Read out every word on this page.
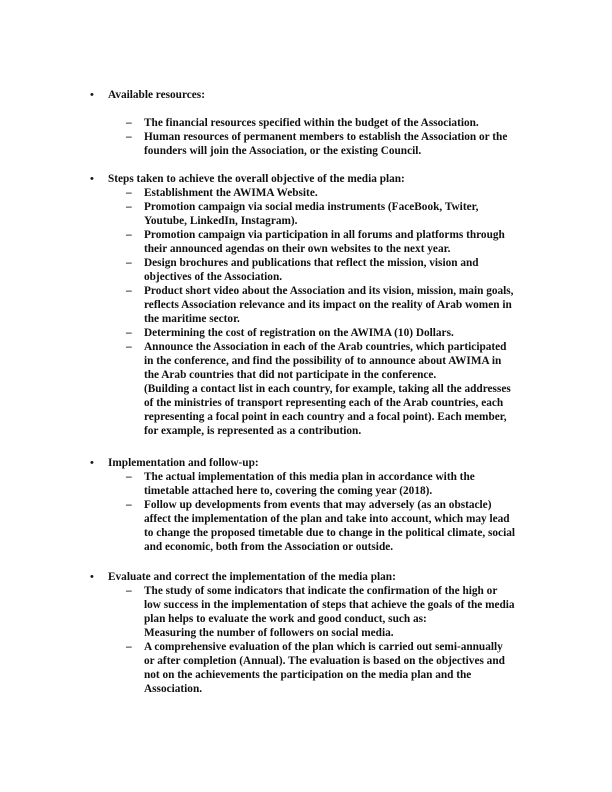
• Available resources:
– The financial resources specified within the budget of the Association.
– Human resources of permanent members to establish the Association or the
founders will join the Association, or the existing Council.
• Steps taken to achieve the overall objective of the media plan:
– Establishment the AWIMA Website.
– Promotion campaign via social media instruments (FaceBook, Twiter,
Youtube, LinkedIn, Instagram).
– Promotion campaign via participation in all forums and platforms through
their announced agendas on their own websites to the next year.
– Design brochures and publications that reflect the mission, vision and
objectives of the Association.
– Product short video about the Association and its vision, mission, main goals,
reflects Association relevance and its impact on the reality of Arab women in
the maritime sector.
– Determining the cost of registration on the AWIMA (10) Dollars.
– Announce the Association in each of the Arab countries, which participated
in the conference, and find the possibility of to announce about AWIMA in
the Arab countries that did not participate in the conference.
(Building a contact list in each country, for example, taking all the addresses
of the ministries of transport representing each of the Arab countries, each
representing a focal point in each country and a focal point). Each member,
for example, is represented as a contribution.
• Implementation and follow-up:
– The actual implementation of this media plan in accordance with the
timetable attached here to, covering the coming year (2018).
– Follow up developments from events that may adversely (as an obstacle)
affect the implementation of the plan and take into account, which may lead
to change the proposed timetable due to change in the political climate, social
and economic, both from the Association or outside.
• Evaluate and correct the implementation of the media plan:
– The study of some indicators that indicate the confirmation of the high or
low success in the implementation of steps that achieve the goals of the media
plan helps to evaluate the work and good conduct, such as:
Measuring the number of followers on social media.
– A comprehensive evaluation of the plan which is carried out semi-annually
or after completion (Annual). The evaluation is based on the objectives and
not on the achievements the participation on the media plan and the
Association.
